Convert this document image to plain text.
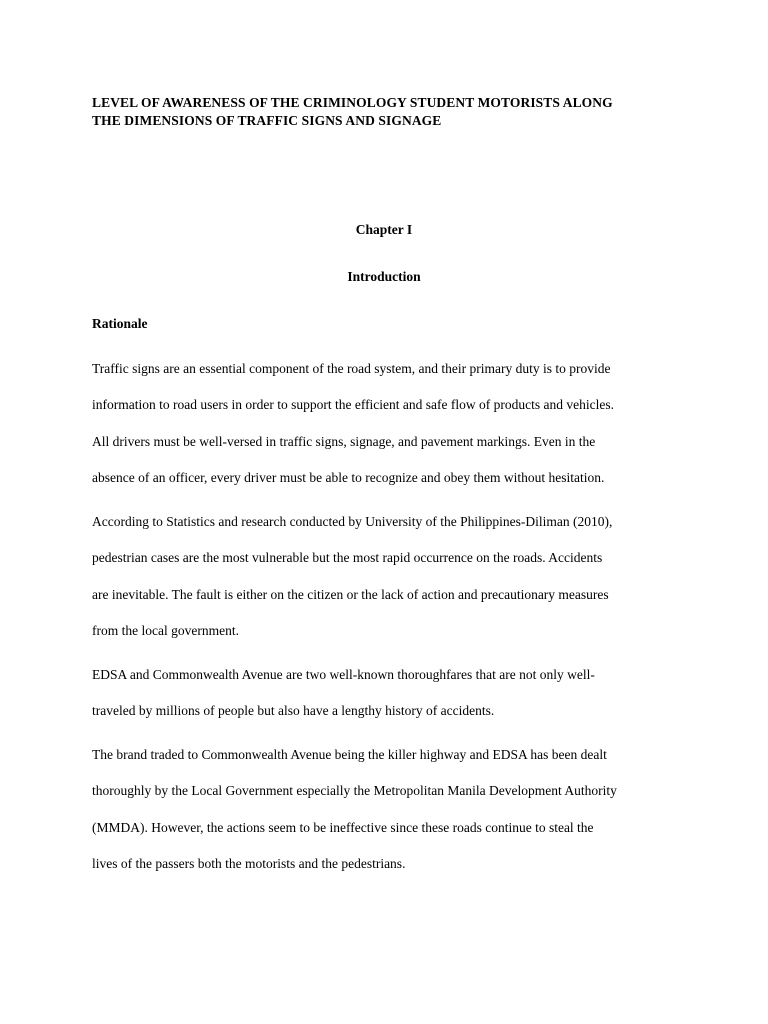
LEVEL OF AWARENESS OF THE CRIMINOLOGY STUDENT MOTORISTS ALONG
THE DIMENSIONS OF TRAFFIC SIGNS AND SIGNAGE
Chapter I
Introduction
Rationale

Traffic signs are an essential component of the road system, and their primary duty is to provide
information to road users in order to support the efficient and safe flow of products and vehicles.
All drivers must be well-versed in traffic signs, signage, and pavement markings. Even in the
absence of an officer, every driver must be able to recognize and obey them without hesitation.

According to Statistics and research conducted by University of the Philippines-Diliman (2010),
pedestrian cases are the most vulnerable but the most rapid occurrence on the roads. Accidents
are inevitable. The fault is either on the citizen or the lack of action and precautionary measures
from the local government.

EDSA and Commonwealth Avenue are two well-known thoroughfares that are not only well-
traveled by millions of people but also have a lengthy history of accidents.

The brand traded to Commonwealth Avenue being the killer highway and EDSA has been dealt
thoroughly by the Local Government especially the Metropolitan Manila Development Authority
(MMDA). However, the actions seem to be ineffective since these roads continue to steal the
lives of the passers both the motorists and the pedestrians.
